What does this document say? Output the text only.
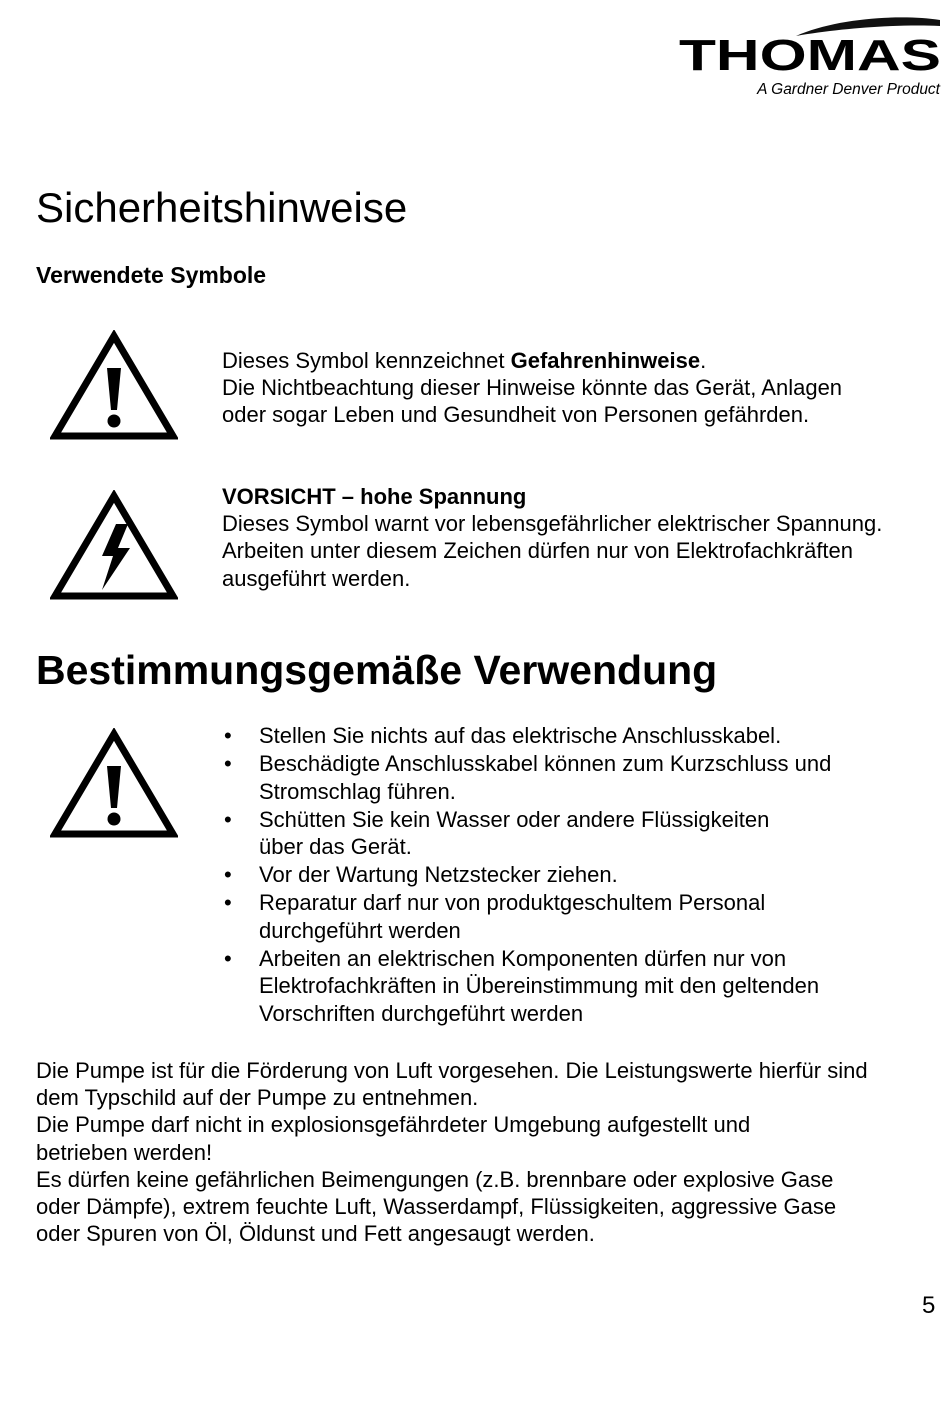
THOMAS
A Gardner Denver Product
Sicherheitshinweise
Verwendete Symbole

Dieses Symbol kennzeichnet Gefahrenhinweise.

Die Nichtbeachtung dieser Hinweise könnte das Gerät, Anlagen

oder sogar Leben und Gesundheit von Personen gefährden.

VORSICHT – hohe Spannung

Dieses Symbol warnt vor lebensgefährlicher elektrischer Spannung.

Arbeiten unter diesem Zeichen dürfen nur von Elektrofachkräften

ausgeführt werden.

Bestimmungsgemäße Verwendung
• Stellen Sie nichts auf das elektrische Anschlusskabel.
• Beschädigte Anschlusskabel können zum Kurzschluss und
Stromschlag führen.
• Schütten Sie kein Wasser oder andere Flüssigkeiten
über das Gerät.
• Vor der Wartung Netzstecker ziehen.
• Reparatur darf nur von produktgeschultem Personal
durchgeführt werden
• Arbeiten an elektrischen Komponenten dürfen nur von
Elektrofachkräften in Übereinstimmung mit den geltenden
Vorschriften durchgeführt werden

Die Pumpe ist für die Förderung von Luft vorgesehen. Die Leistungswerte hierfür sind

dem Typschild auf der Pumpe zu entnehmen.

Die Pumpe darf nicht in explosionsgefährdeter Umgebung aufgestellt und

betrieben werden!

Es dürfen keine gefährlichen Beimengungen (z.B. brennbare oder explosive Gase

oder Dämpfe), extrem feuchte Luft, Wasserdampf, Flüssigkeiten, aggressive Gase

oder Spuren von Öl, Öldunst und Fett angesaugt werden.

5
